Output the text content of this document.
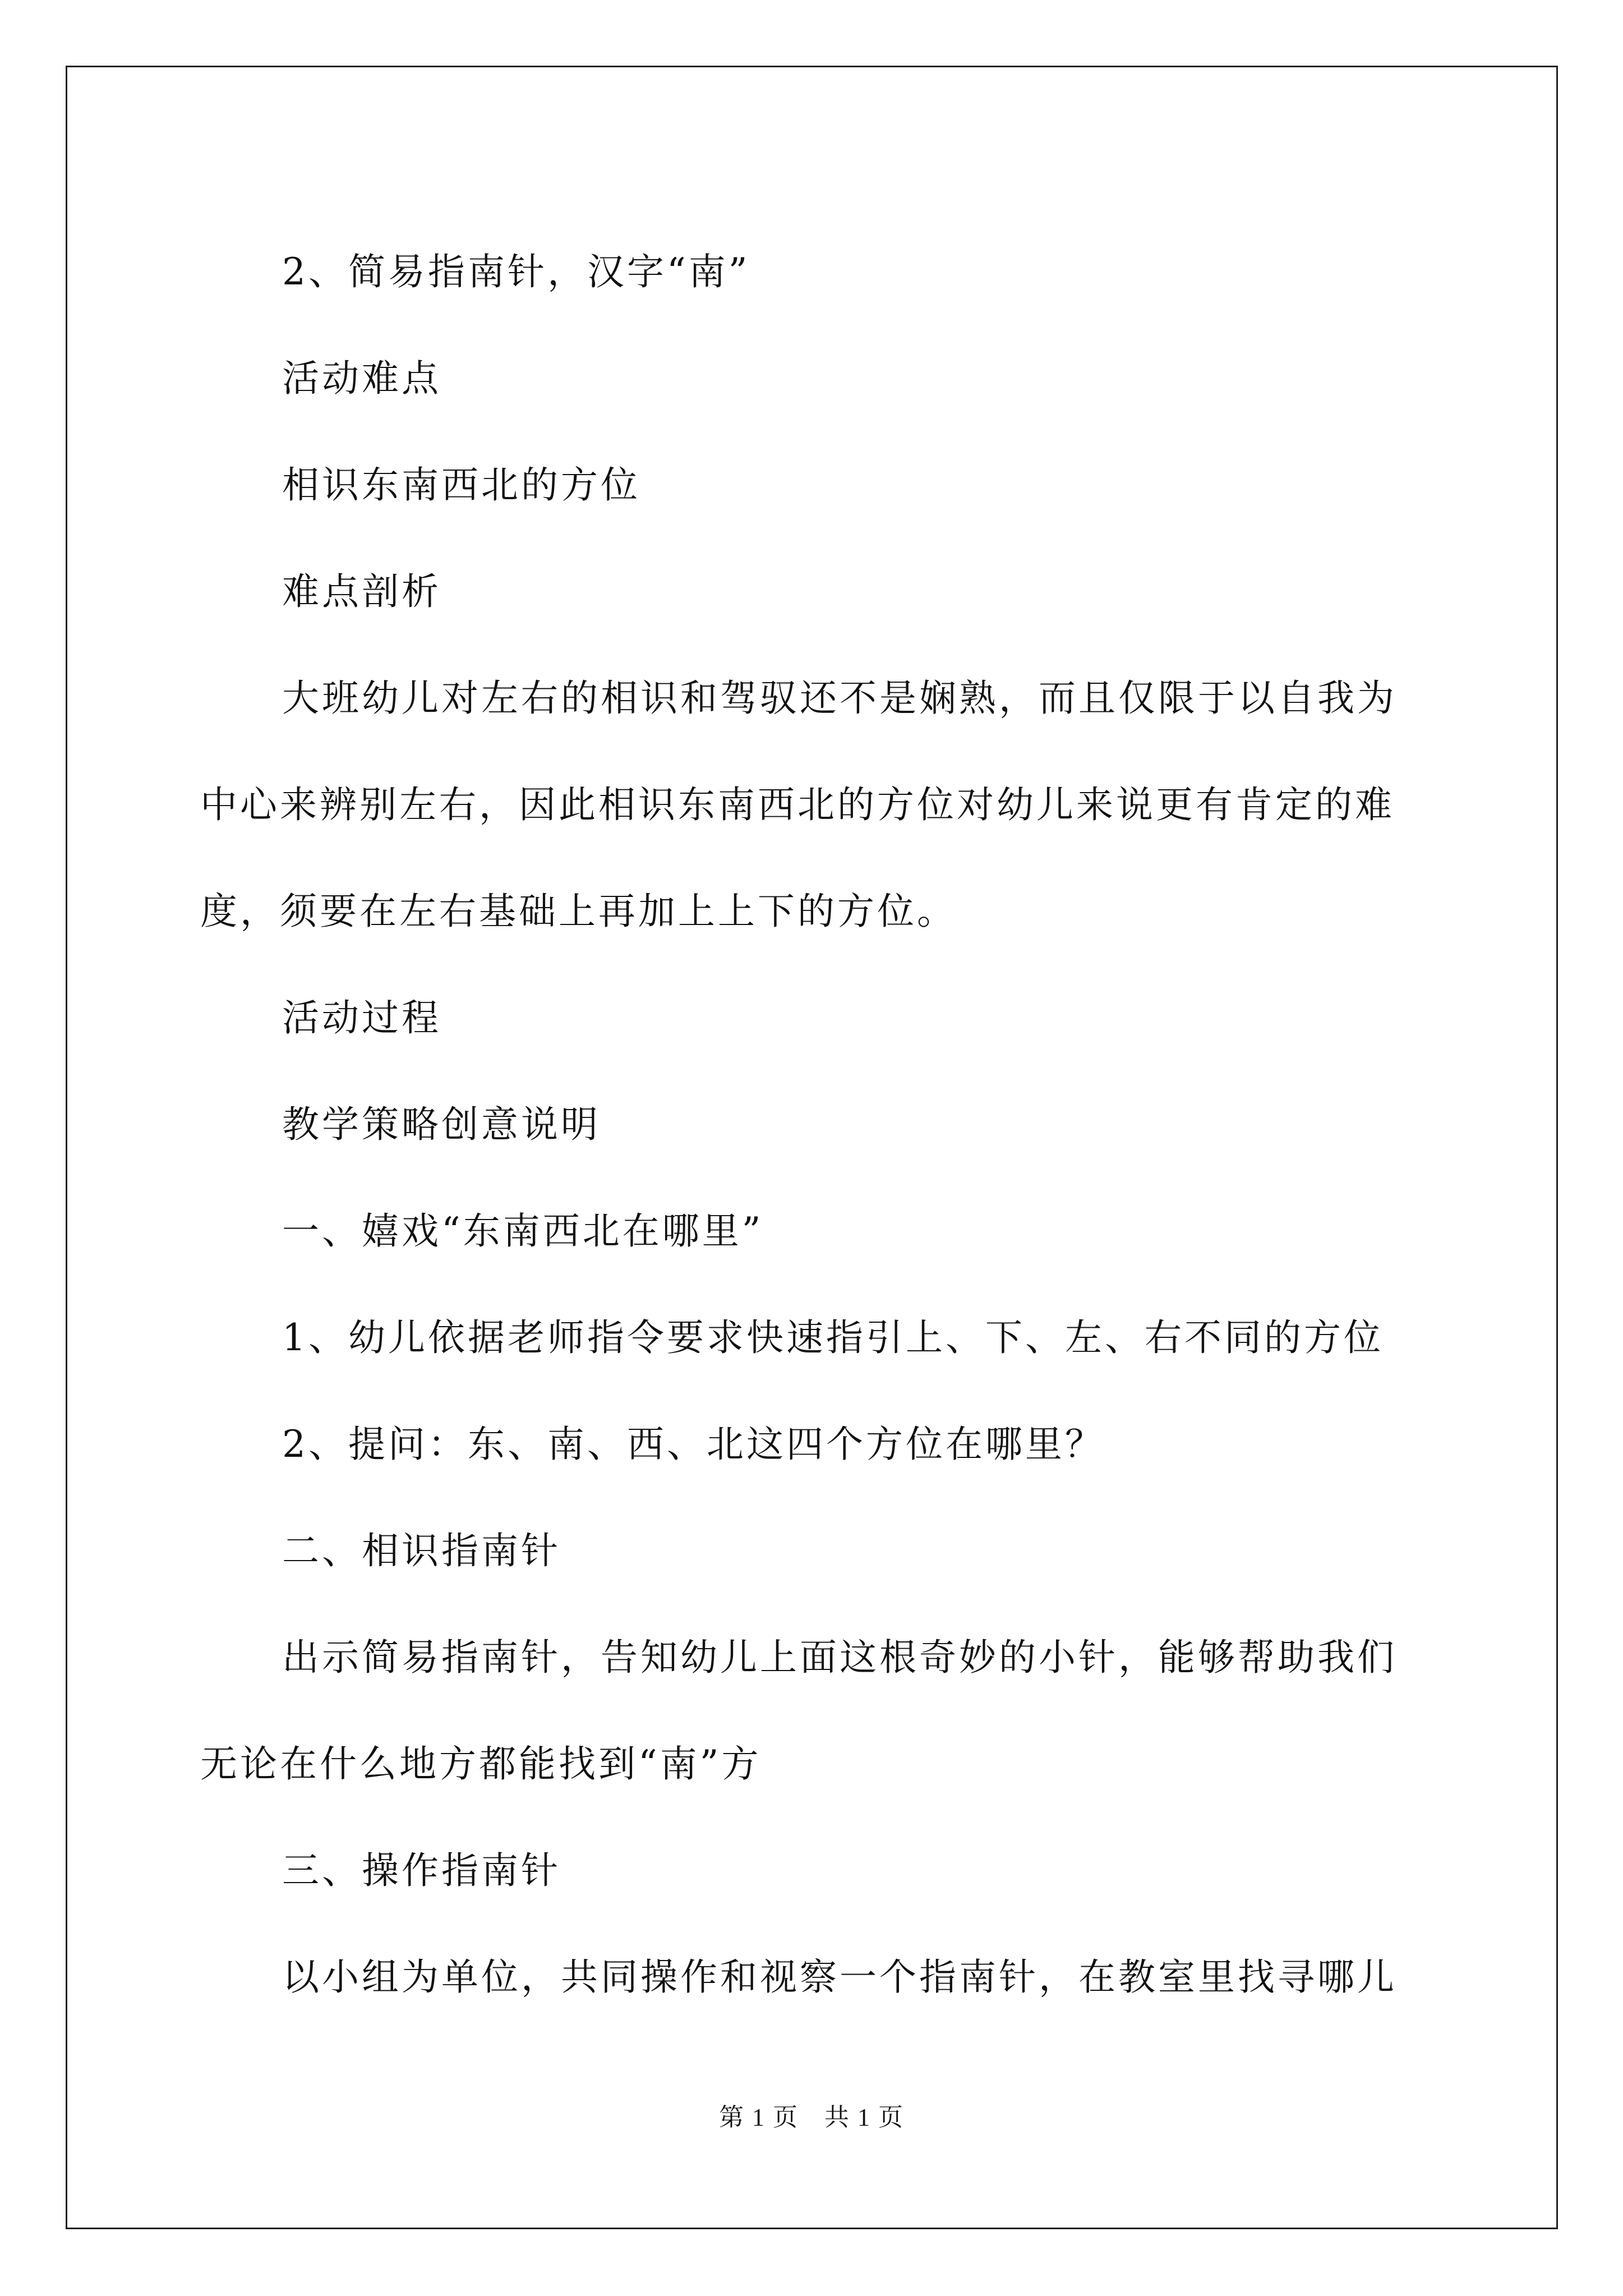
2、简易指南针，汉字“南”

活动难点

相识东南西北的方位

难点剖析

大班幼儿对左右的相识和驾驭还不是娴熟，而且仅限于以自我为

中心来辨别左右，因此相识东南西北的方位对幼儿来说更有肯定的难

度，须要在左右基础上再加上上下的方位。

活动过程

教学策略创意说明

一、嬉戏“东南西北在哪里”

1、幼儿依据老师指令要求快速指引上、下、左、右不同的方位

2、提问：东、南、西、北这四个方位在哪里？

二、相识指南针

出示简易指南针，告知幼儿上面这根奇妙的小针，能够帮助我们

无论在什么地方都能找到“南”方

三、操作指南针

以小组为单位，共同操作和视察一个指南针，在教室里找寻哪儿

第 1 页　共 1 页
